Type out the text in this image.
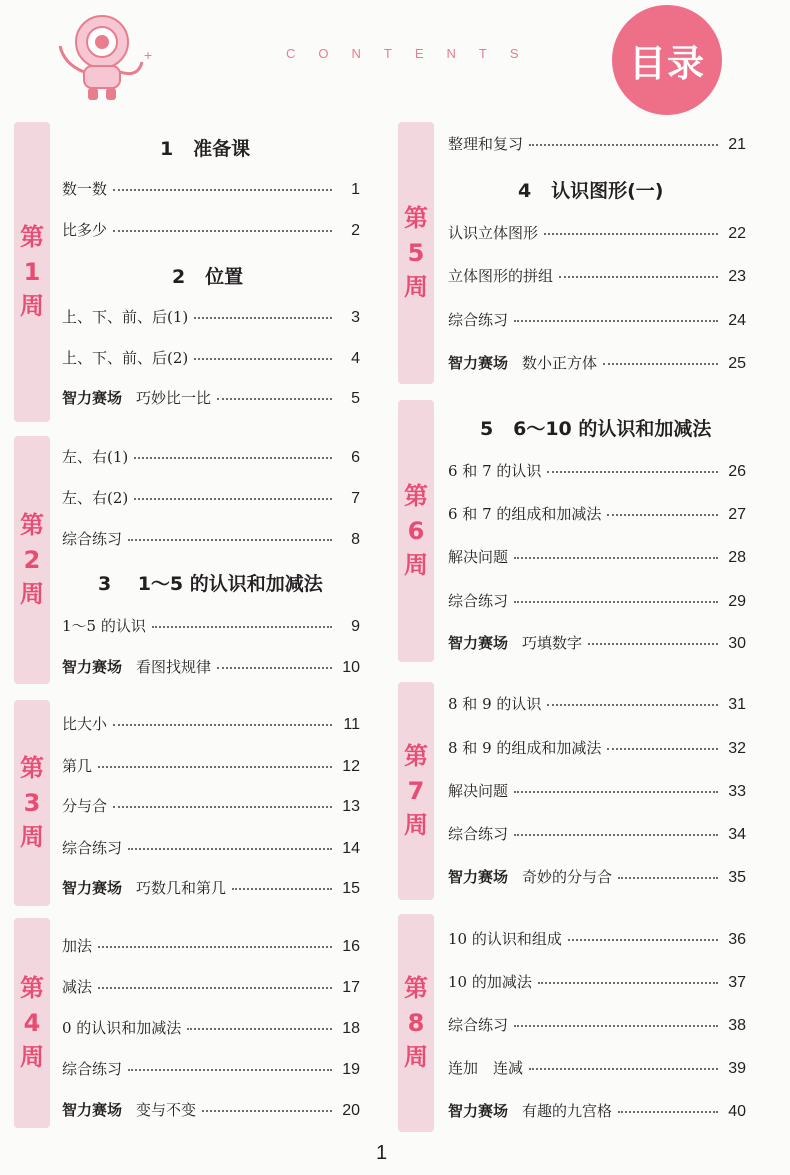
+	CONTENTS	目录
第
1
周
第
2
周
第
3
周
第
4
周
第
5
周
第
6
周
第
7
周
第
8
周
1 准备课
2 位置
3 1～5 的认识和加减法
4 认识图形(一)
5 6～10 的认识和加减法
数一数	1
比多少	2
上、下、前、后(1)	3
上、下、前、后(2)	4
智力赛场 巧妙比一比	5
左、右(1)	6
左、右(2)	7
综合练习	8
1～5 的认识	9
智力赛场 看图找规律	10
比大小	11
第几	12
分与合	13
综合练习	14
智力赛场 巧数几和第几	15
加法	16
减法	17
0 的认识和加减法	18
综合练习	19
智力赛场 变与不变	20
整理和复习	21
认识立体图形	22
立体图形的拼组	23
综合练习	24
智力赛场 数小正方体	25
6 和 7 的认识	26
6 和 7 的组成和加减法	27
解决问题	28
综合练习	29
智力赛场 巧填数字	30
8 和 9 的认识	31
8 和 9 的组成和加减法	32
解决问题	33
综合练习	34
智力赛场 奇妙的分与合	35
10 的认识和组成	36
10 的加减法	37
综合练习	38
连加　连减	39
智力赛场 有趣的九宫格	40
1
